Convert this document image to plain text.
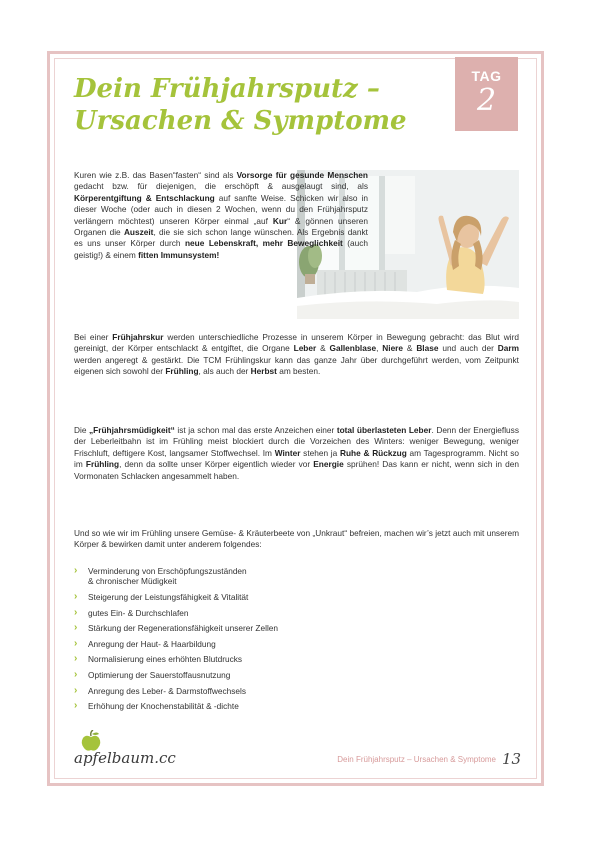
TAG
2
Dein Frühjahrsputz –
Ursachen & Symptome

Kuren wie z.B. das Basen“fasten“ sind als Vorsorge für gesunde Menschen gedacht bzw. für diejenigen, die erschöpft & ausgelaugt sind, als Körperentgiftung & Entschlackung auf sanfte Weise. Schicken wir also in dieser Woche (oder auch in diesen 2 Wochen, wenn du den Frühjahrsputz verlängern möchtest) unseren Körper einmal „auf Kur“ & gönnen unseren Organen die Auszeit, die sie sich schon lange wünschen. Als Ergebnis dankt es uns unser Körper durch neue Lebenskraft, mehr Beweglichkeit (auch geistig!) & einem fitten Immunsystem!

Bei einer Frühjahrskur werden unterschiedliche Prozesse in unserem Körper in Bewegung gebracht: das Blut wird gereinigt, der Körper entschlackt & entgiftet, die Organe Leber & Gallenblase, Niere & Blase und auch der Darm werden angeregt & gestärkt. Die TCM Frühlingskur kann das ganze Jahr über durchgeführt werden, vom Zeitpunkt eigenen sich sowohl der Frühling, als auch der Herbst am besten.

Die „Frühjahrsmüdigkeit“ ist ja schon mal das erste Anzeichen einer total überlasteten Leber. Denn der Energiefluss der Leberleitbahn ist im Frühling meist blockiert durch die Vorzeichen des Winters: weniger Bewegung, weniger Frischluft, deftigere Kost, langsamer Stoffwechsel. Im Winter stehen ja Ruhe & Rückzug am Tagesprogramm. Nicht so im Frühling, denn da sollte unser Körper eigentlich wieder vor Energie sprühen! Das kann er nicht, wenn sich in den Vormonaten Schlacken angesammelt haben.

Und so wie wir im Frühling unsere Gemüse- & Kräuterbeete von „Unkraut“ befreien, machen wir’s jetzt auch mit unserem Körper & bewirken damit unter anderem folgendes:

› Verminderung von Erschöpfungszuständen
& chronischer Müdigkeit
› Steigerung der Leistungsfähigkeit & Vitalität
› gutes Ein- & Durchschlafen
› Stärkung der Regenerationsfähigkeit unserer Zellen
› Anregung der Haut- & Haarbildung
› Normalisierung eines erhöhten Blutdrucks
› Optimierung der Sauerstoffausnutzung
› Anregung des Leber- & Darmstoffwechsels
› Erhöhung der Knochenstabilität & -dichte
apfelbaum.cc	Dein Frühjahrsputz – Ursachen & Symptome 13
